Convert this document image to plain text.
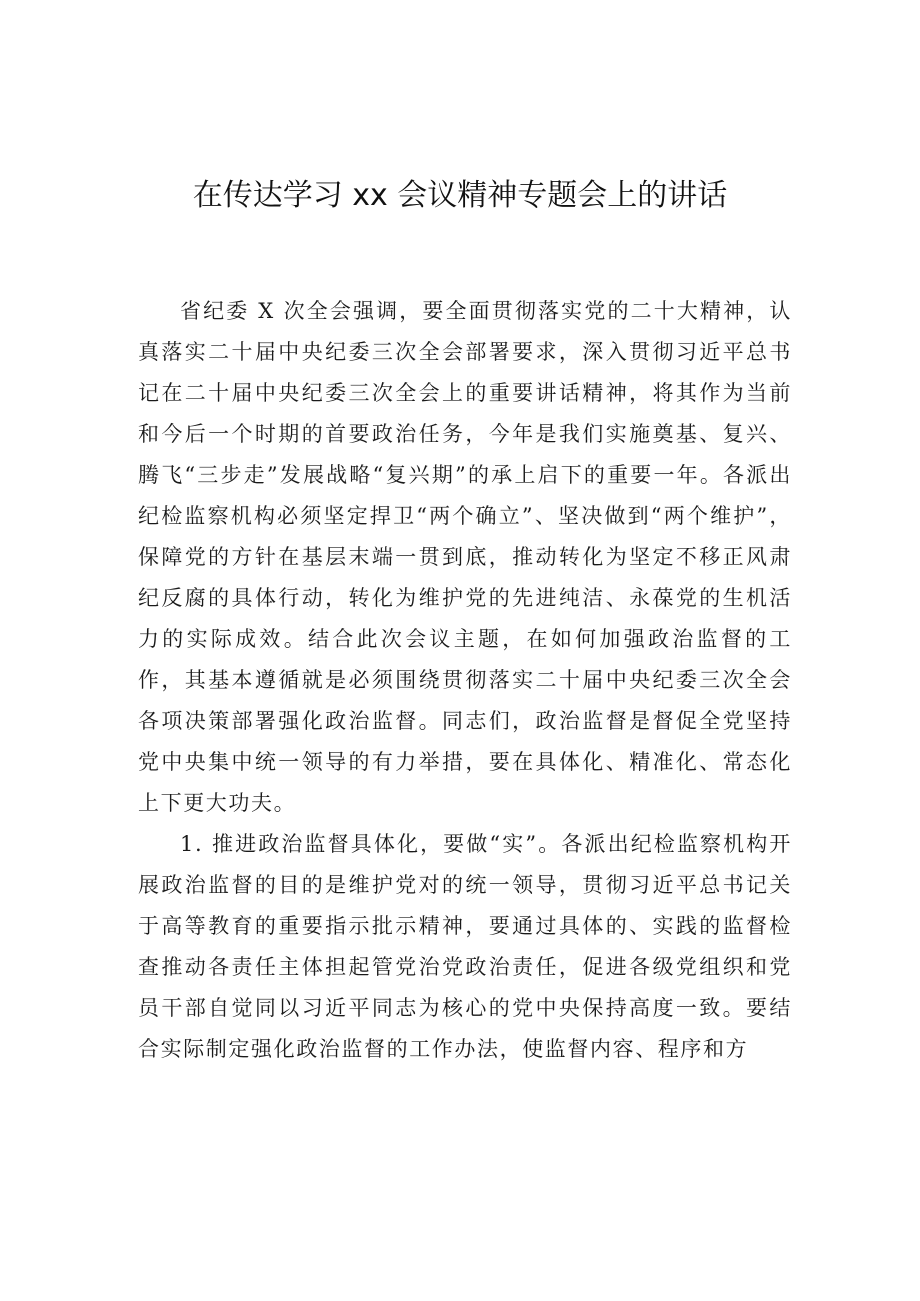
在传达学习 xx 会议精神专题会上的讲话

省纪委 X 次全会强调，要全面贯彻落实党的二十大精神，认真落实二十届中央纪委三次全会部署要求，深入贯彻习近平总书记在二十届中央纪委三次全会上的重要讲话精神，将其作为当前和今后一个时期的首要政治任务，今年是我们实施奠基、复兴、腾飞“三步走”发展战略“复兴期”的承上启下的重要一年。各派出纪检监察机构必须坚定捍卫“两个确立”、坚决做到“两个维护”，保障党的方针在基层末端一贯到底，推动转化为坚定不移正风肃纪反腐的具体行动，转化为维护党的先进纯洁、永葆党的生机活力的实际成效。结合此次会议主题，在如何加强政治监督的工作，其基本遵循就是必须围绕贯彻落实二十届中央纪委三次全会各项决策部署强化政治监督。同志们，政治监督是督促全党坚持党中央集中统一领导的有力举措，要在具体化、精准化、常态化上下更大功夫。

1. 推进政治监督具体化，要做“实”。各派出纪检监察机构开展政治监督的目的是维护党对的统一领导，贯彻习近平总书记关于高等教育的重要指示批示精神，要通过具体的、实践的监督检查推动各责任主体担起管党治党政治责任，促进各级党组织和党员干部自觉同以习近平同志为核心的党中央保持高度一致。要结合实际制定强化政治监督的工作办法，使监督内容、程序和方
